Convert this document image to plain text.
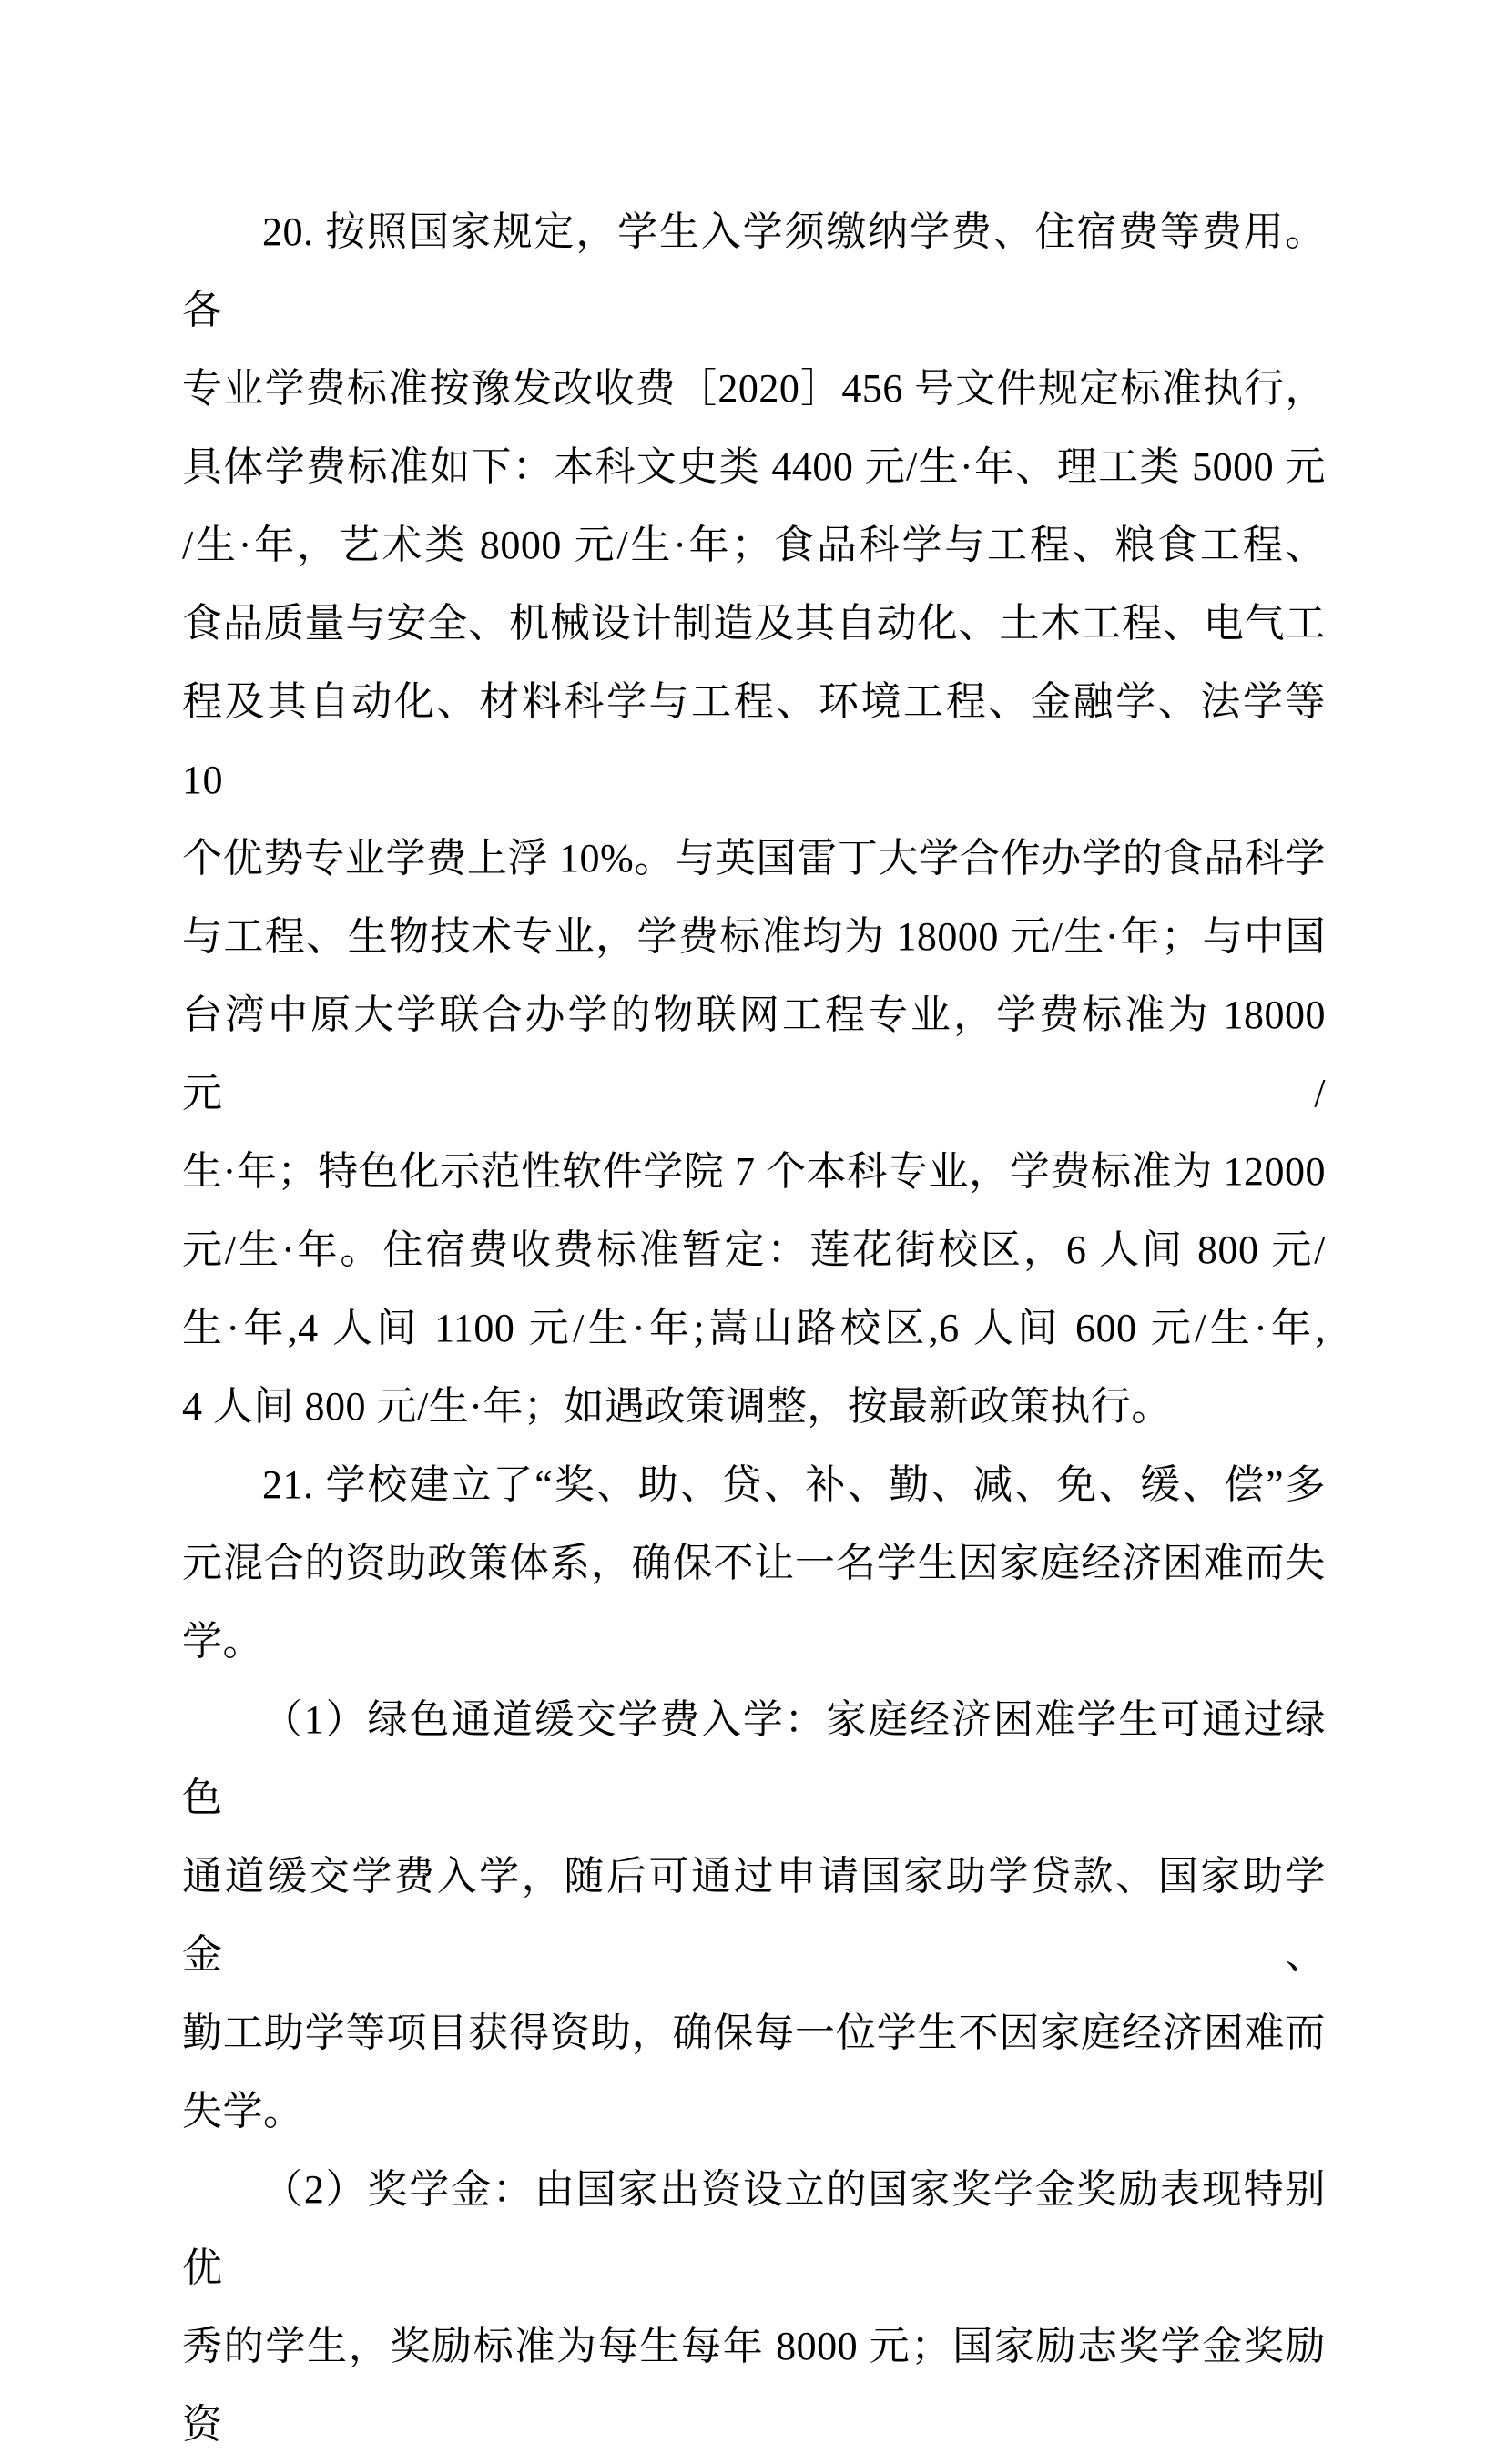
20. 按照国家规定，学生入学须缴纳学费、住宿费等费用。各
专业学费标准按豫发改收费［2020］456 号文件规定标准执行，
具体学费标准如下：本科文史类 4400 元/生·年、理工类 5000 元
/生·年，艺术类 8000 元/生·年；食品科学与工程、粮食工程、
食品质量与安全、机械设计制造及其自动化、土木工程、电气工
程及其自动化、材料科学与工程、环境工程、金融学、法学等 10
个优势专业学费上浮 10%。与英国雷丁大学合作办学的食品科学
与工程、生物技术专业，学费标准均为 18000 元/生·年；与中国
台湾中原大学联合办学的物联网工程专业，学费标准为 18000 元/
生·年；特色化示范性软件学院 7 个本科专业，学费标准为 12000
元/生·年。住宿费收费标准暂定：莲花街校区，6 人间 800 元/
生·年,4 人间 1100 元/生·年;嵩山路校区,6 人间 600 元/生·年,
4 人间 800 元/生·年；如遇政策调整，按最新政策执行。
21. 学校建立了“奖、助、贷、补、勤、减、免、缓、偿”多
元混合的资助政策体系，确保不让一名学生因家庭经济困难而失
学。
（1）绿色通道缓交学费入学：家庭经济困难学生可通过绿色
通道缓交学费入学，随后可通过申请国家助学贷款、国家助学金、
勤工助学等项目获得资助，确保每一位学生不因家庭经济困难而
失学。
（2）奖学金：由国家出资设立的国家奖学金奖励表现特别优
秀的学生，奖励标准为每生每年 8000 元；国家励志奖学金奖励资
